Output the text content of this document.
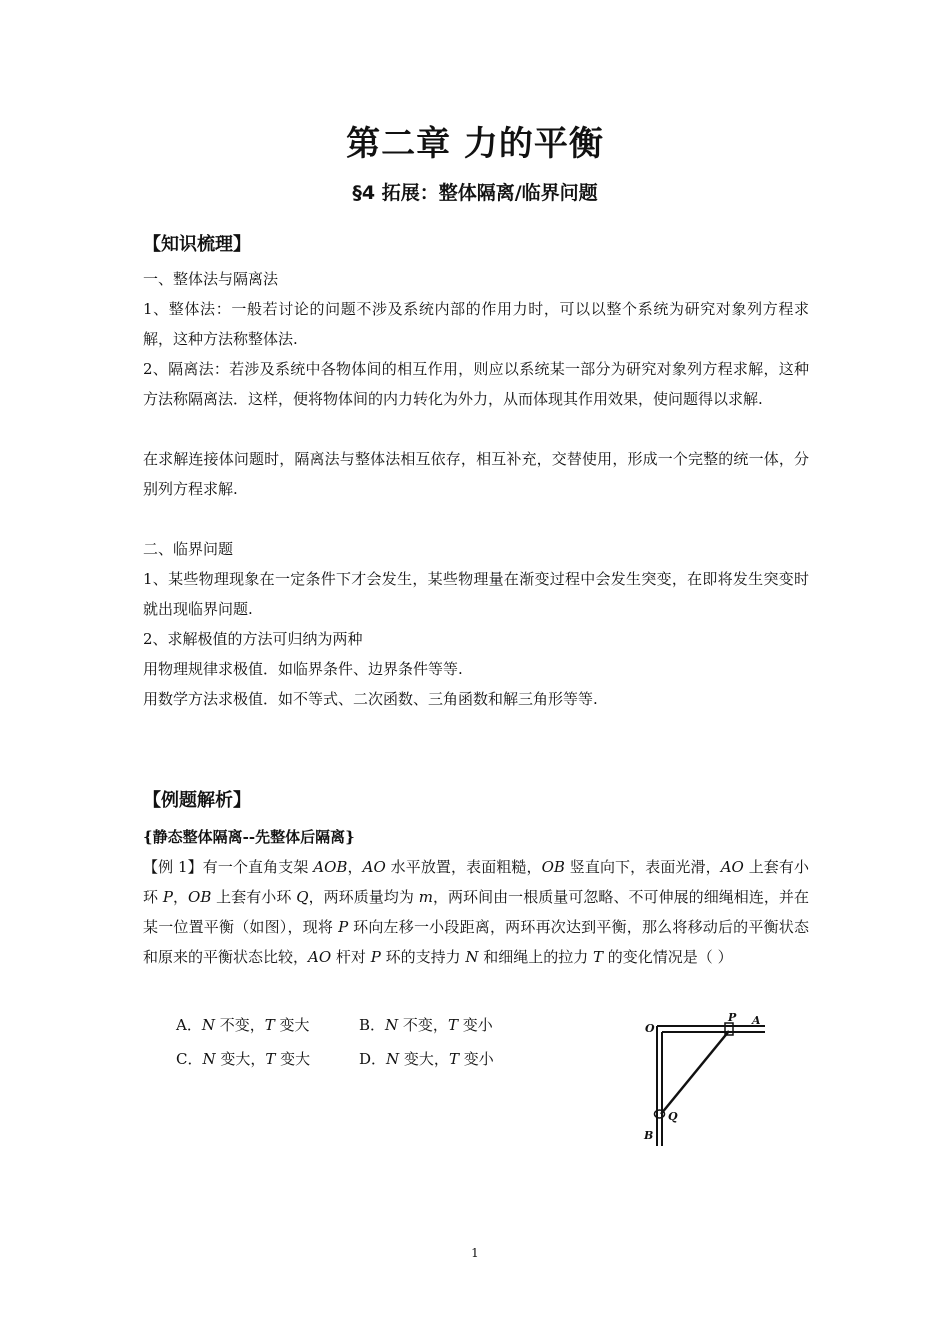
第二章 力的平衡
§4 拓展：整体隔离/临界问题
【知识梳理】

一、整体法与隔离法

1、整体法：一般若讨论的问题不涉及系统内部的作用力时，可以以整个系统为研究对象列方程求解，这种方法称整体法.

2、隔离法：若涉及系统中各物体间的相互作用，则应以系统某一部分为研究对象列方程求解，这种方法称隔离法．这样，便将物体间的内力转化为外力，从而体现其作用效果，使问题得以求解.

在求解连接体问题时，隔离法与整体法相互依存，相互补充，交替使用，形成一个完整的统一体，分别列方程求解.

二、临界问题

1、某些物理现象在一定条件下才会发生，某些物理量在渐变过程中会发生突变，在即将发生突变时就出现临界问题.

2、求解极值的方法可归纳为两种

用物理规律求极值．如临界条件、边界条件等等.

用数学方法求极值．如不等式、二次函数、三角函数和解三角形等等.

【例题解析】

{静态整体隔离--先整体后隔离}

【例 1】有一个直角支架 AOB，AO 水平放置，表面粗糙，OB 竖直向下，表面光滑，AO 上套有小环 P，OB 上套有小环 Q，两环质量均为 m，两环间由一根质量可忽略、不可伸展的细绳相连，并在某一位置平衡（如图），现将 P 环向左移一小段距离，两环再次达到平衡，那么将移动后的平衡状态和原来的平衡状态比较，AO 杆对 P 环的支持力 N 和细绳上的拉力 T 的变化情况是（ ）

A．N 不变，T 变大	B．N 不变，T 变小
C．N 变大，T 变大	D．N 变大，T 变小
O
P A
Q
B
1
